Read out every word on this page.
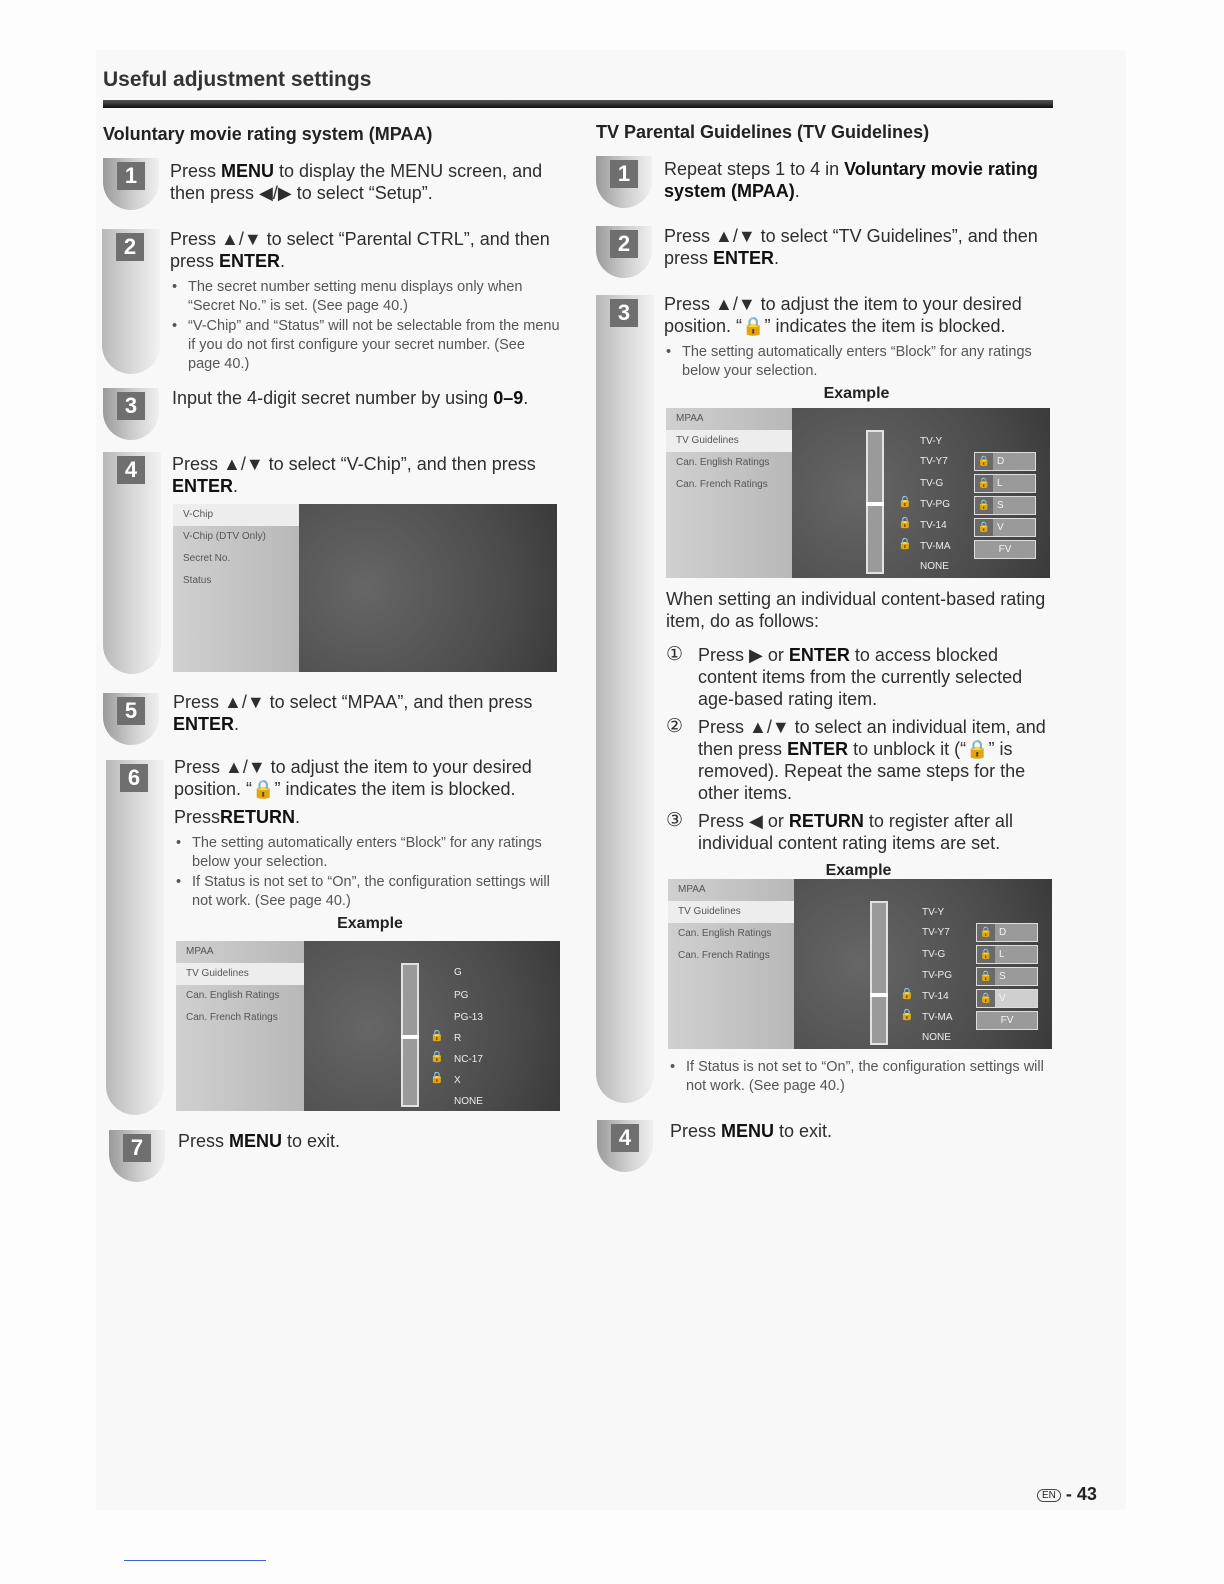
Useful adjustment settings
Voluntary movie rating system (MPAA)
1
2
3
4
5
6
7
Press MENU to display the MENU screen, and then press ◀/▶ to select “Setup”.
Press ▲/▼ to select “Parental CTRL”, and then press ENTER.
• The secret number setting menu displays only when “Secret No.” is set. (See page 40.)
• “V-Chip” and “Status” will not be selectable from the menu if you do not first configure your secret number. (See page 40.)
Input the 4-digit secret number by using 0–9.
Press ▲/▼ to select “V-Chip”, and then press ENTER.
V-Chip
V-Chip (DTV Only)
Secret No.
Status
Press ▲/▼ to select “MPAA”, and then press ENTER.
Press ▲/▼ to adjust the item to your desired position. “🔒” indicates the item is blocked.
PressRETURN.
• The setting automatically enters “Block” for any ratings below your selection.
• If Status is not set to “On”, the configuration settings will not work. (See page 40.)
Example
MPAA
TV Guidelines
Can. English Ratings
Can. French Ratings
G
PG
PG-13
🔒 R
🔒 NC-17
🔒 X
NONE
Press MENU to exit.
TV Parental Guidelines (TV Guidelines)
1
2
3
4
Repeat steps 1 to 4 in Voluntary movie rating system (MPAA).
Press ▲/▼ to select “TV Guidelines”, and then press ENTER.
Press ▲/▼ to adjust the item to your desired position. “🔒” indicates the item is blocked.
• The setting automatically enters “Block” for any ratings below your selection.
Example
MPAA
TV Guidelines
Can. English Ratings
Can. French Ratings
TV-Y
TV-Y7
TV-G
🔒 TV-PG
🔒 TV-14
🔒 TV-MA
NONE
🔒 D
🔒 L
🔒 S
🔒 V
FV
When setting an individual content-based rating item, do as follows:
① Press ▶ or ENTER to access blocked content items from the currently selected age-based rating item.
② Press ▲/▼ to select an individual item, and then press ENTER to unblock it (“🔒” is removed). Repeat the same steps for the other items.
③ Press ◀ or RETURN to register after all individual content rating items are set.
Example
MPAA
TV Guidelines
Can. English Ratings
Can. French Ratings
TV-Y
TV-Y7
TV-G
TV-PG
🔒 TV-14
🔒 TV-MA
NONE
🔒 D
🔒 L
🔒 S
🔒 V
FV
• If Status is not set to “On”, the configuration settings will not work. (See page 40.)
Press MENU to exit.
EN - 43
